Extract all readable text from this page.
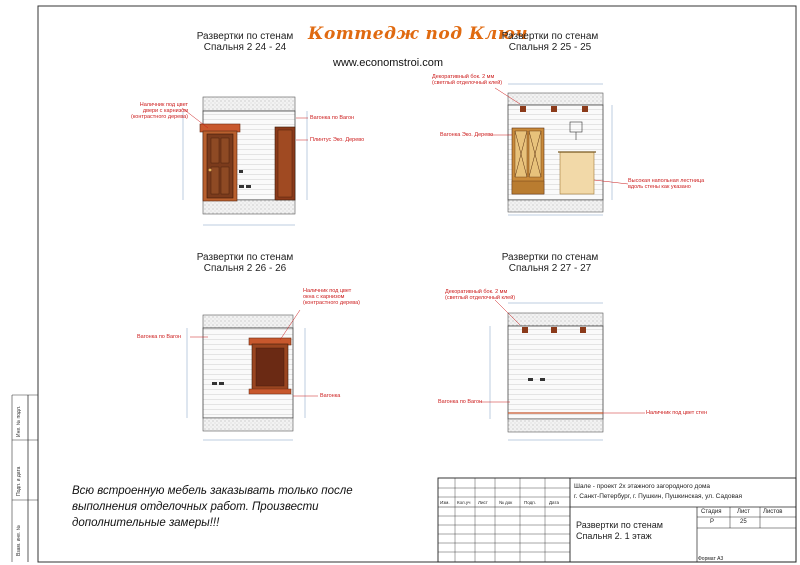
Коттедж под Ключ
www.economstroi.com
Развертки по стенам
Спальня 2 24 - 24
Развертки по стенам
Спальня 2 25 - 25
Развертки по стенам
Спальня 2 26 - 26
Развертки по стенам
Спальня 2 27 - 27
Наличник под цвет
двери с карнизом
(контрастного дерева)	Вагонка по Вагон
Плинтус Эко. Дерево
Декоративный бок. 2 мм
(светлый отделочный клей)
Вагонка Эко. Дерево
Высокая напольная лестница
вдоль стены как указано
Наличник под цвет
окна с карнизом
(контрастного дерева)
Вагонка по Вагон
Вагонка
Декоративный бок. 2 мм
(светлый отделочный клей)
Вагонка по Вагон
Наличник под цвет стен
Всю встроенную мебель заказывать только после
выполнения отделочных работ. Произвести
дополнительные замеры!!!
Шале - проект 2х этажного загородного дома
г. Санкт-Петербург, г. Пушкин, Пушкинская, ул. Садовая
Развертки по стенам
Спальня 2. 1 этаж
Стадия	Лист Листов
Р	25
Изм. Кол.уч Лист № док	Подп.	Дата
Формат А3
Инв. № подл.
Подп. и дата
Взам. инв. №
